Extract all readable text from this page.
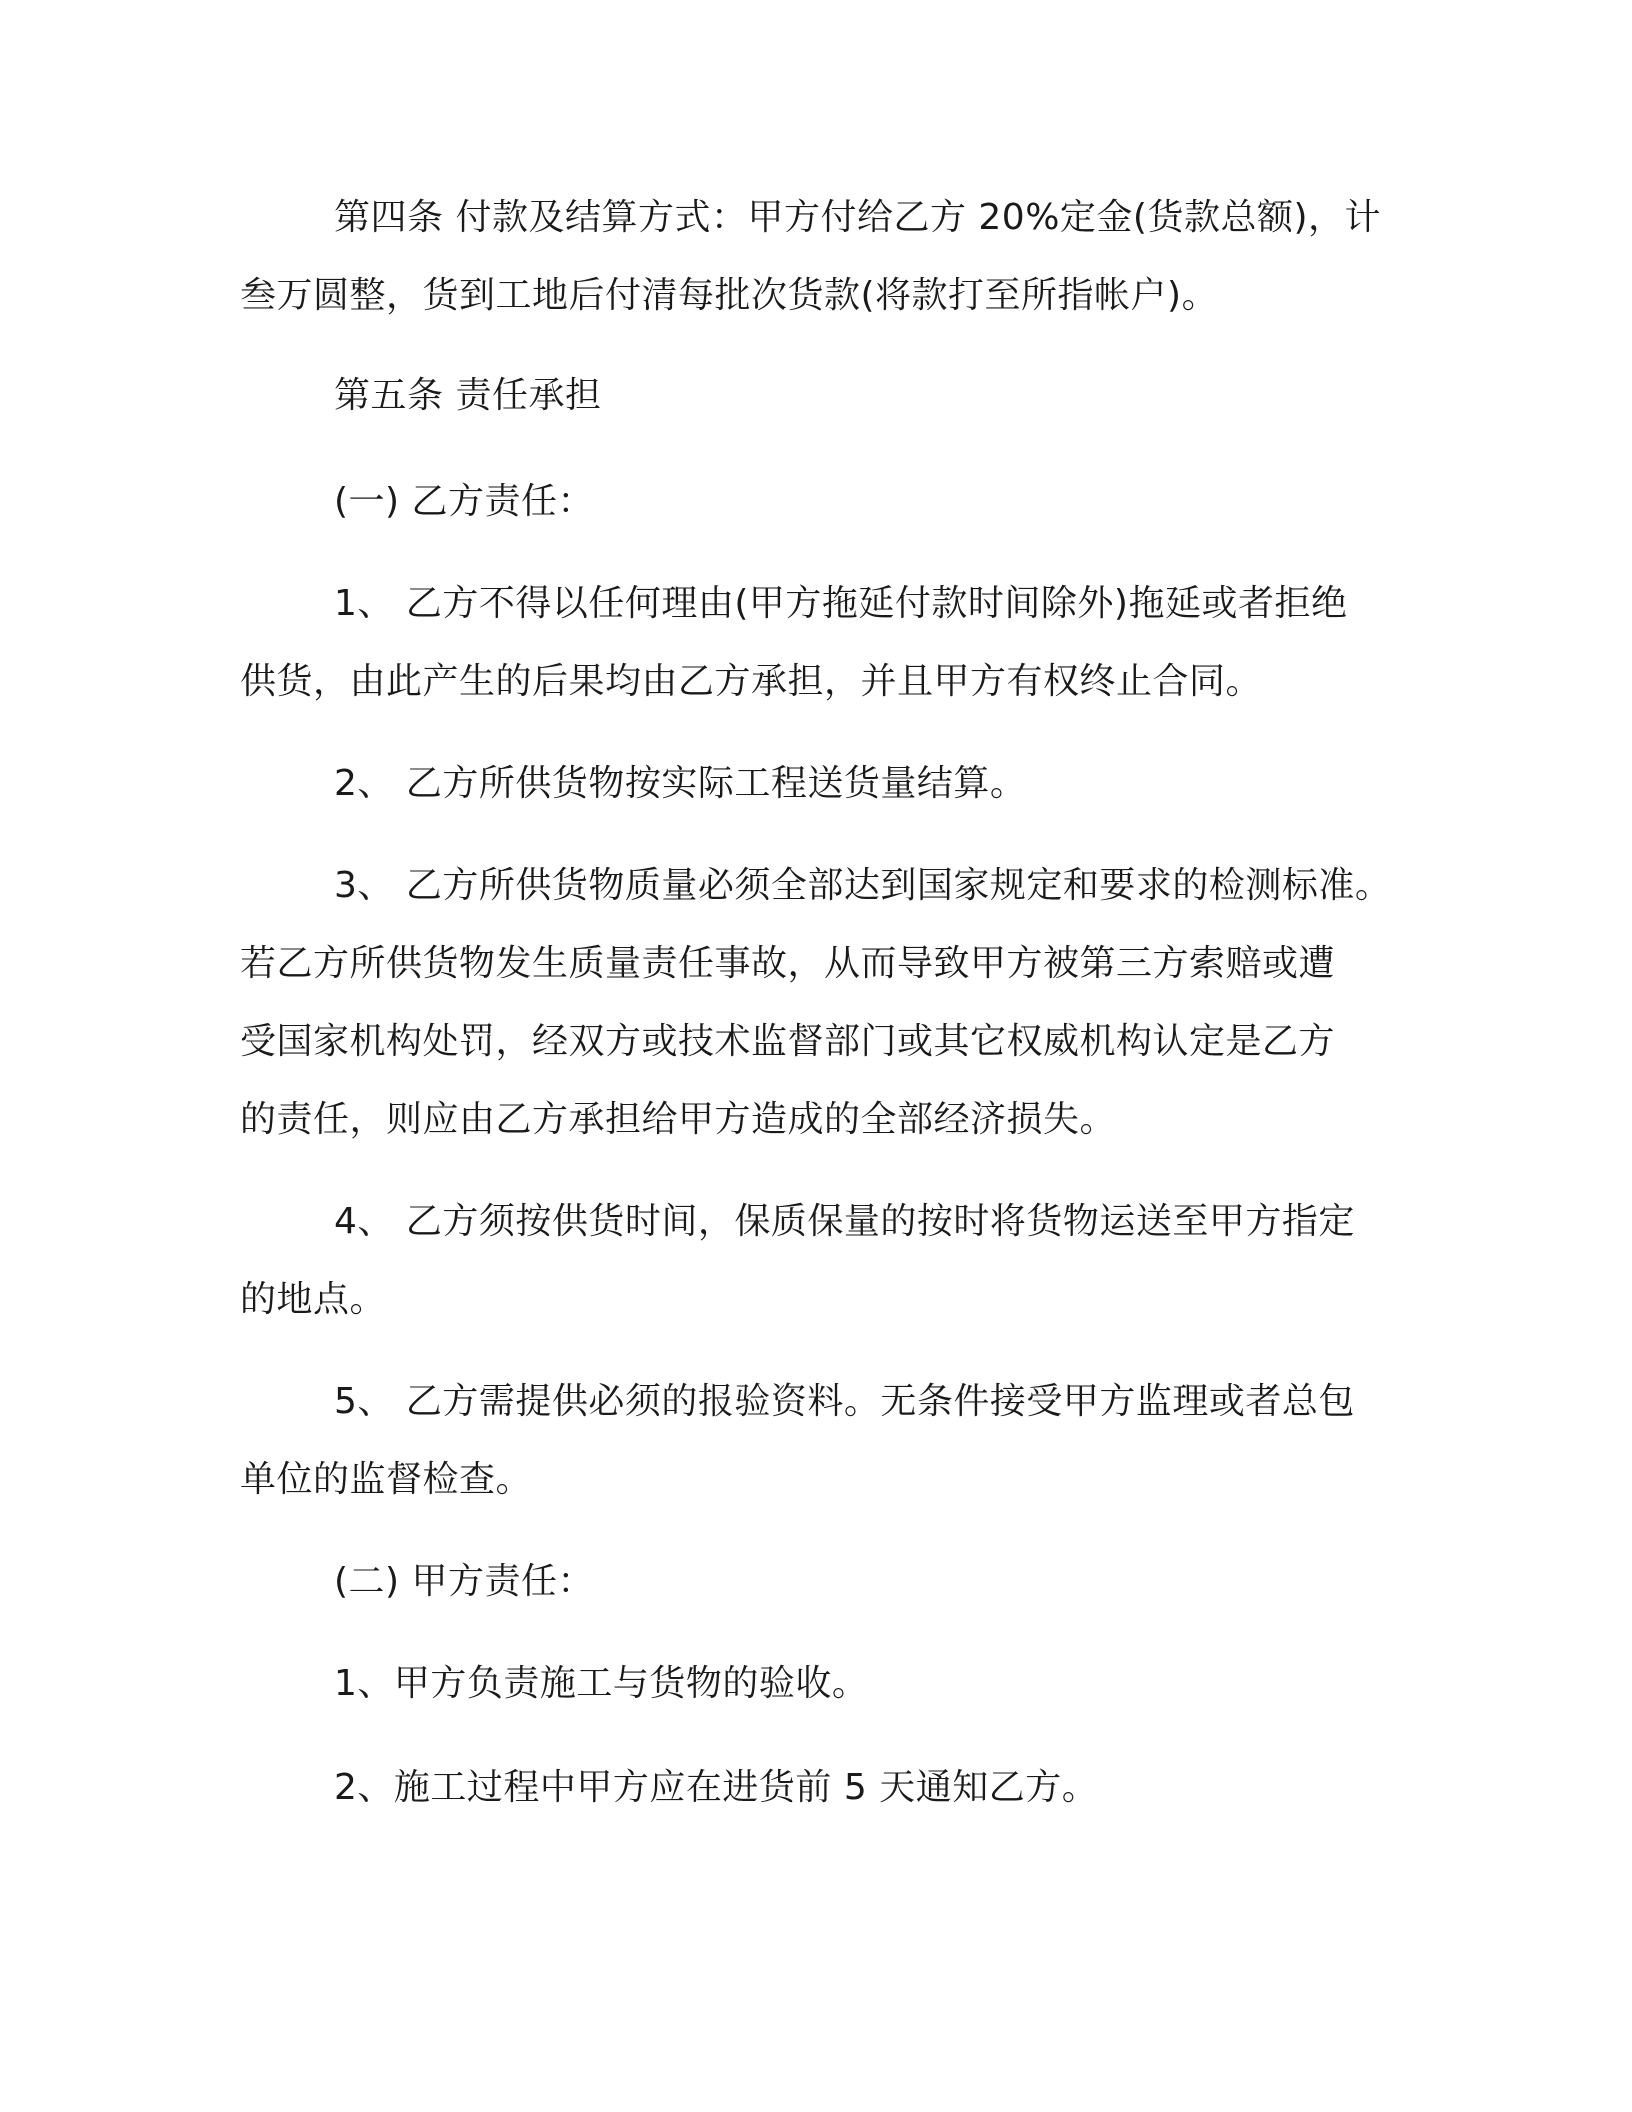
第四条 付款及结算方式：甲方付给乙方 20%定金(货款总额)，计
叁万圆整，货到工地后付清每批次货款(将款打至所指帐户)。
第五条 责任承担
(一) 乙方责任：
1、 乙方不得以任何理由(甲方拖延付款时间除外)拖延或者拒绝
供货，由此产生的后果均由乙方承担，并且甲方有权终止合同。
2、 乙方所供货物按实际工程送货量结算。
3、 乙方所供货物质量必须全部达到国家规定和要求的检测标准。
若乙方所供货物发生质量责任事故，从而导致甲方被第三方索赔或遭
受国家机构处罚，经双方或技术监督部门或其它权威机构认定是乙方
的责任，则应由乙方承担给甲方造成的全部经济损失。
4、 乙方须按供货时间，保质保量的按时将货物运送至甲方指定
的地点。
5、 乙方需提供必须的报验资料。无条件接受甲方监理或者总包
单位的监督检查。
(二) 甲方责任：
1、甲方负责施工与货物的验收。
2、施工过程中甲方应在进货前 5 天通知乙方。
